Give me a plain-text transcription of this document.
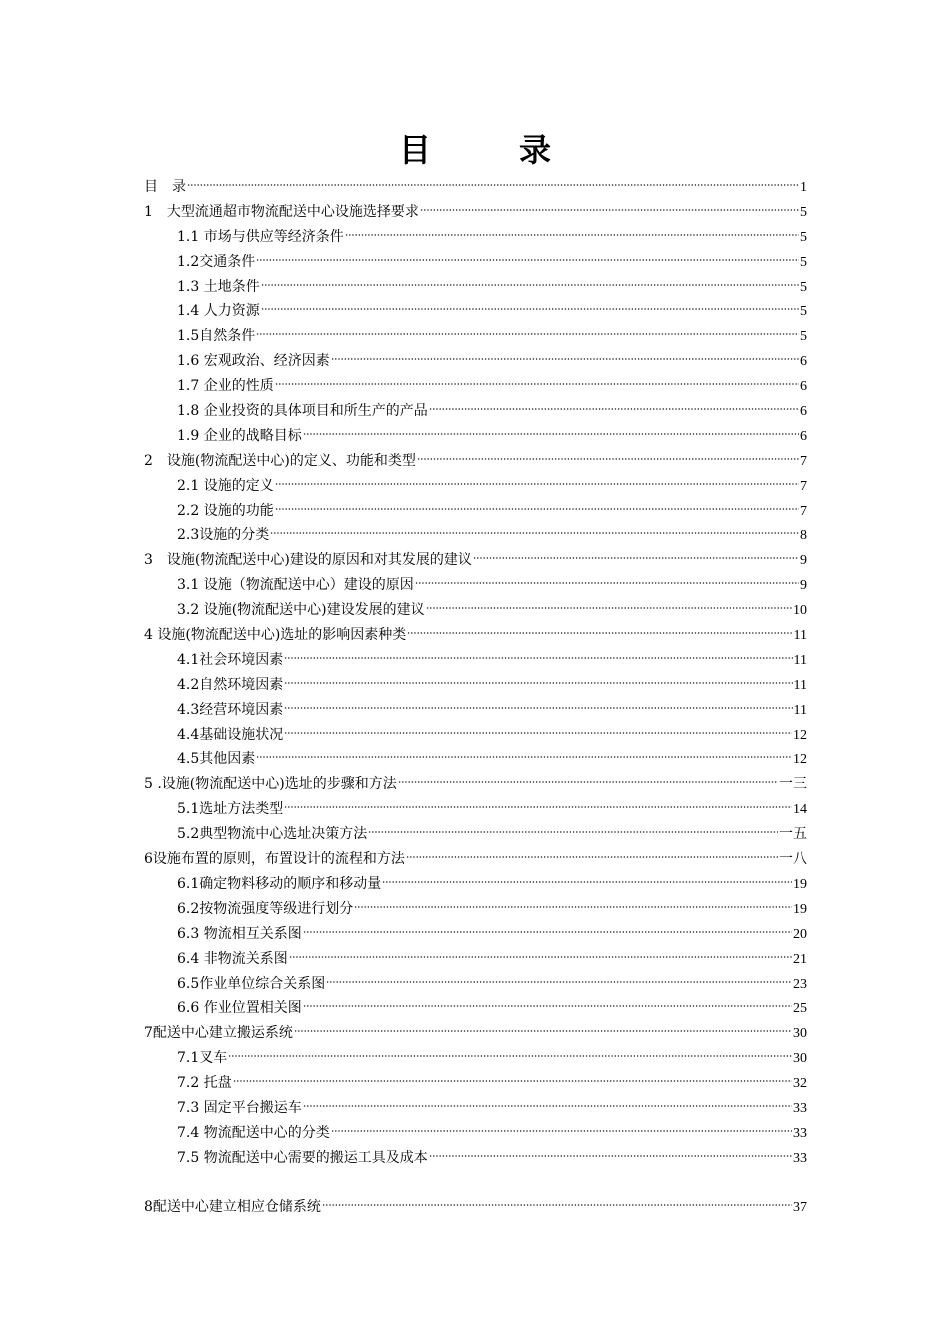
目　录
目　录	1
1　大型流通超市物流配送中心设施选择要求	5
1.1 市场与供应等经济条件	5
1.2交通条件	5
1.3 土地条件	5
1.4 人力资源	5
1.5自然条件	5
1.6 宏观政治、经济因素	6
1.7 企业的性质	6
1.8 企业投资的具体项目和所生产的产品	6
1.9 企业的战略目标	6
2　设施(物流配送中心)的定义、功能和类型	7
2.1 设施的定义	7
2.2 设施的功能	7
2.3设施的分类	8
3　设施(物流配送中心)建设的原因和对其发展的建议	9
3.1 设施（物流配送中心）建设的原因	9
3.2 设施(物流配送中心)建设发展的建议	10
4 设施(物流配送中心)选址的影响因素种类	11
4.1社会环境因素	11
4.2自然环境因素	11
4.3经营环境因素	11
4.4基础设施状况	12
4.5其他因素	12
5 .设施(物流配送中心)选址的步骤和方法	一三
5.1选址方法类型	14
5.2典型物流中心选址决策方法	一五
6设施布置的原则，布置设计的流程和方法	一八
6.1确定物料移动的顺序和移动量	19
6.2按物流强度等级进行划分	19
6.3 物流相互关系图	20
6.4 非物流关系图	21
6.5作业单位综合关系图	23
6.6 作业位置相关图	25
7配送中心建立搬运系统	30
7.1叉车	30
7.2 托盘	32
7.3 固定平台搬运车	33
7.4 物流配送中心的分类	33
7.5 物流配送中心需要的搬运工具及成本	33
8配送中心建立相应仓储系统	37
